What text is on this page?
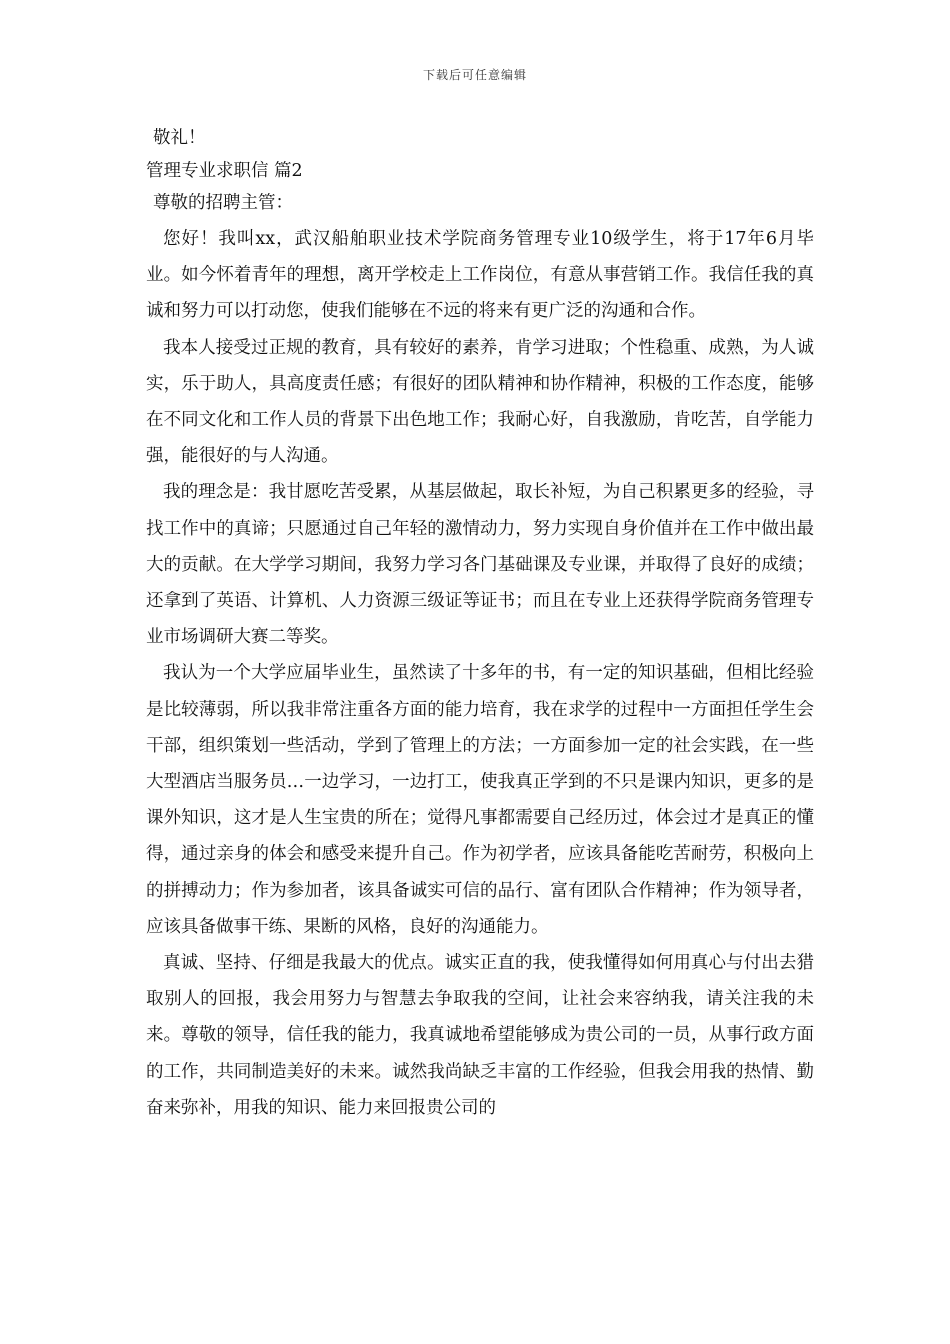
下载后可任意编辑
敬礼！
管理专业求职信 篇2
尊敬的招聘主管：

您好！我叫xx，武汉船舶职业技术学院商务管理专业10级学生，将于17年6月毕业。如今怀着青年的理想，离开学校走上工作岗位，有意从事营销工作。我信任我的真诚和努力可以打动您，使我们能够在不远的将来有更广泛的沟通和合作。

我本人接受过正规的教育，具有较好的素养，肯学习进取；个性稳重、成熟，为人诚实，乐于助人，具高度责任感；有很好的团队精神和协作精神，积极的工作态度，能够在不同文化和工作人员的背景下出色地工作；我耐心好，自我激励，肯吃苦，自学能力强，能很好的与人沟通。

我的理念是：我甘愿吃苦受累，从基层做起，取长补短，为自己积累更多的经验，寻找工作中的真谛；只愿通过自己年轻的激情动力，努力实现自身价值并在工作中做出最大的贡献。在大学学习期间，我努力学习各门基础课及专业课，并取得了良好的成绩；还拿到了英语、计算机、人力资源三级证等证书；而且在专业上还获得学院商务管理专业市场调研大赛二等奖。

我认为一个大学应届毕业生，虽然读了十多年的书，有一定的知识基础，但相比经验是比较薄弱，所以我非常注重各方面的能力培育，我在求学的过程中一方面担任学生会干部，组织策划一些活动，学到了管理上的方法；一方面参加一定的社会实践，在一些大型酒店当服务员…一边学习，一边打工，使我真正学到的不只是课内知识，更多的是课外知识，这才是人生宝贵的所在；觉得凡事都需要自己经历过，体会过才是真正的懂得，通过亲身的体会和感受来提升自己。作为初学者，应该具备能吃苦耐劳，积极向上的拼搏动力；作为参加者，该具备诚实可信的品行、富有团队合作精神；作为领导者，应该具备做事干练、果断的风格，良好的沟通能力。

真诚、坚持、仔细是我最大的优点。诚实正直的我，使我懂得如何用真心与付出去猎取别人的回报，我会用努力与智慧去争取我的空间，让社会来容纳我，请关注我的未来。尊敬的领导，信任我的能力，我真诚地希望能够成为贵公司的一员，从事行政方面的工作，共同制造美好的未来。诚然我尚缺乏丰富的工作经验，但我会用我的热情、勤奋来弥补，用我的知识、能力来回报贵公司的
